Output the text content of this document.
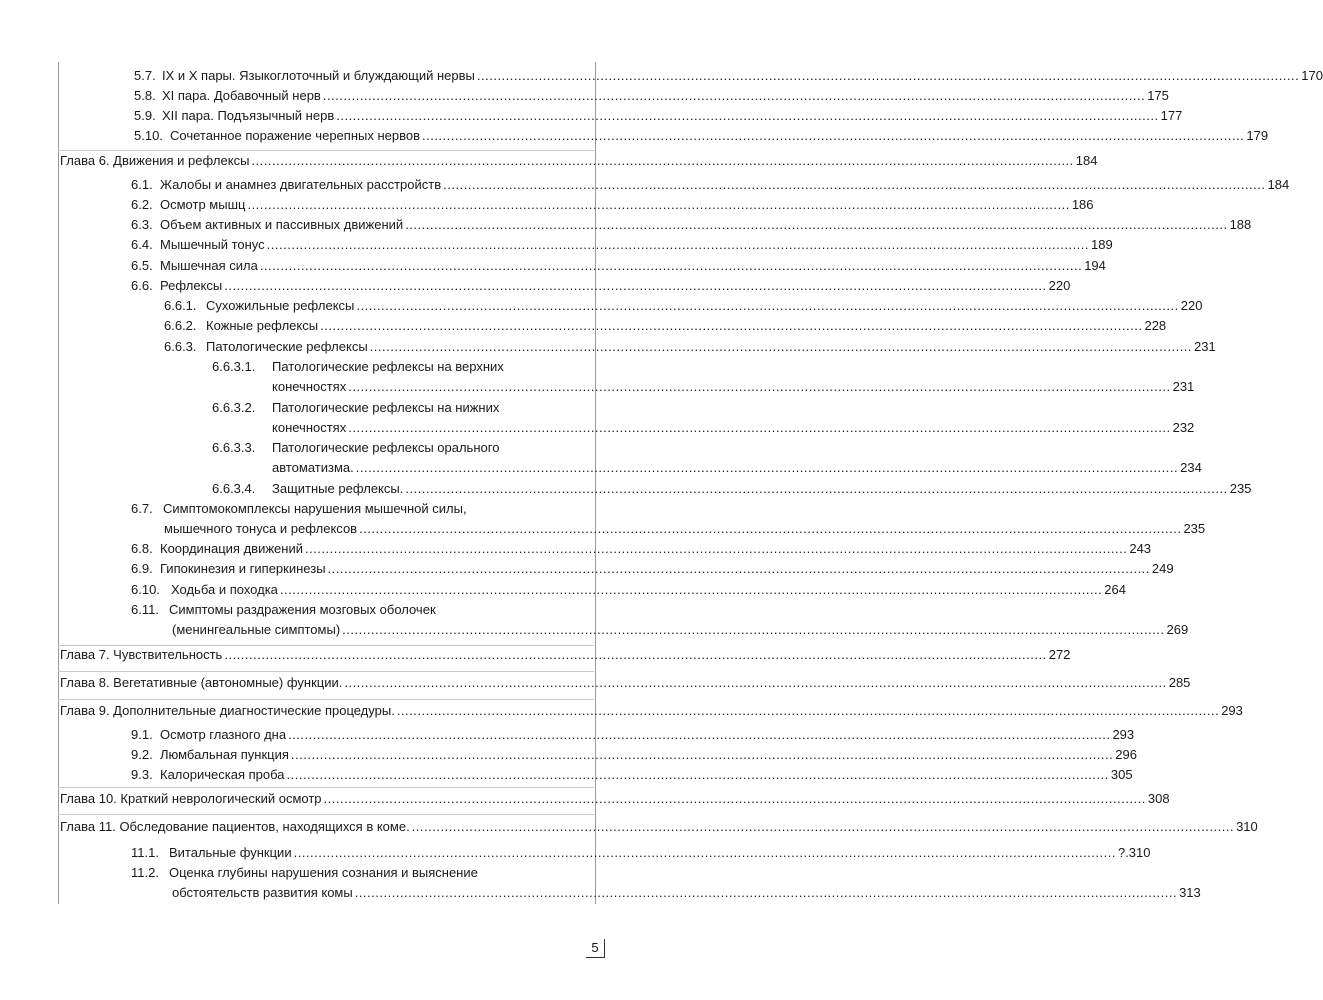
5.7. IX и X пары. Языкоглоточный и блуждающий нервы .....	170
5.8. XI пара. Добавочный нерв .....	175
5.9. XII пара. Подъязычный нерв .....	177
5.10. Сочетанное поражение черепных нервов .....	179
Глава 6. Движения и рефлексы .....	184
6.1. Жалобы и анамнез двигательных расстройств .....	184
6.2. Осмотр мышц .....	186
6.3. Объем активных и пассивных движений .....	188
6.4. Мышечный тонус .....	189
6.5. Мышечная сила .....	194
6.6. Рефлексы .....	220
6.6.1. Сухожильные рефлексы .....	220
6.6.2. Кожные рефлексы .....	228
6.6.3. Патологические рефлексы .....	231
6.6.3.1.	Патологические рефлексы на верхних
конечностях .....	231
6.6.3.2.	Патологические рефлексы на нижних
конечностях .....	232
6.6.3.3.	Патологические рефлексы орального
автоматизма. .....	234
6.6.3.4.	Защитные рефлексы. .....	235
6.7. Симптомокомплексы нарушения мышечной силы,
мышечного тонуса и рефлексов .....	235
6.8. Координация движений .....	243
6.9. Гипокинезия и гиперкинезы .....	249
6.10. Ходьба и походка .....	264
6.11. Симптомы раздражения мозговых оболочек
(менингеальные симптомы) .....	269
Глава 7. Чувствительность .....	272
Глава 8. Вегетативные (автономные) функции. .....	285
Глава 9. Дополнительные диагностические процедуры. .....	293
9.1. Осмотр глазного дна .....	293
9.2. Люмбальная пункция .....	296
9.3. Калорическая проба .....	305
Глава 10. Краткий неврологический осмотр .....	308
Глава 11. Обследование пациентов, находящихся в коме. .....	310
11.1. Витальные функции .....	?.310
11.2. Оценка глубины нарушения сознания и выяснение
обстоятельств развития комы .....	313
5
